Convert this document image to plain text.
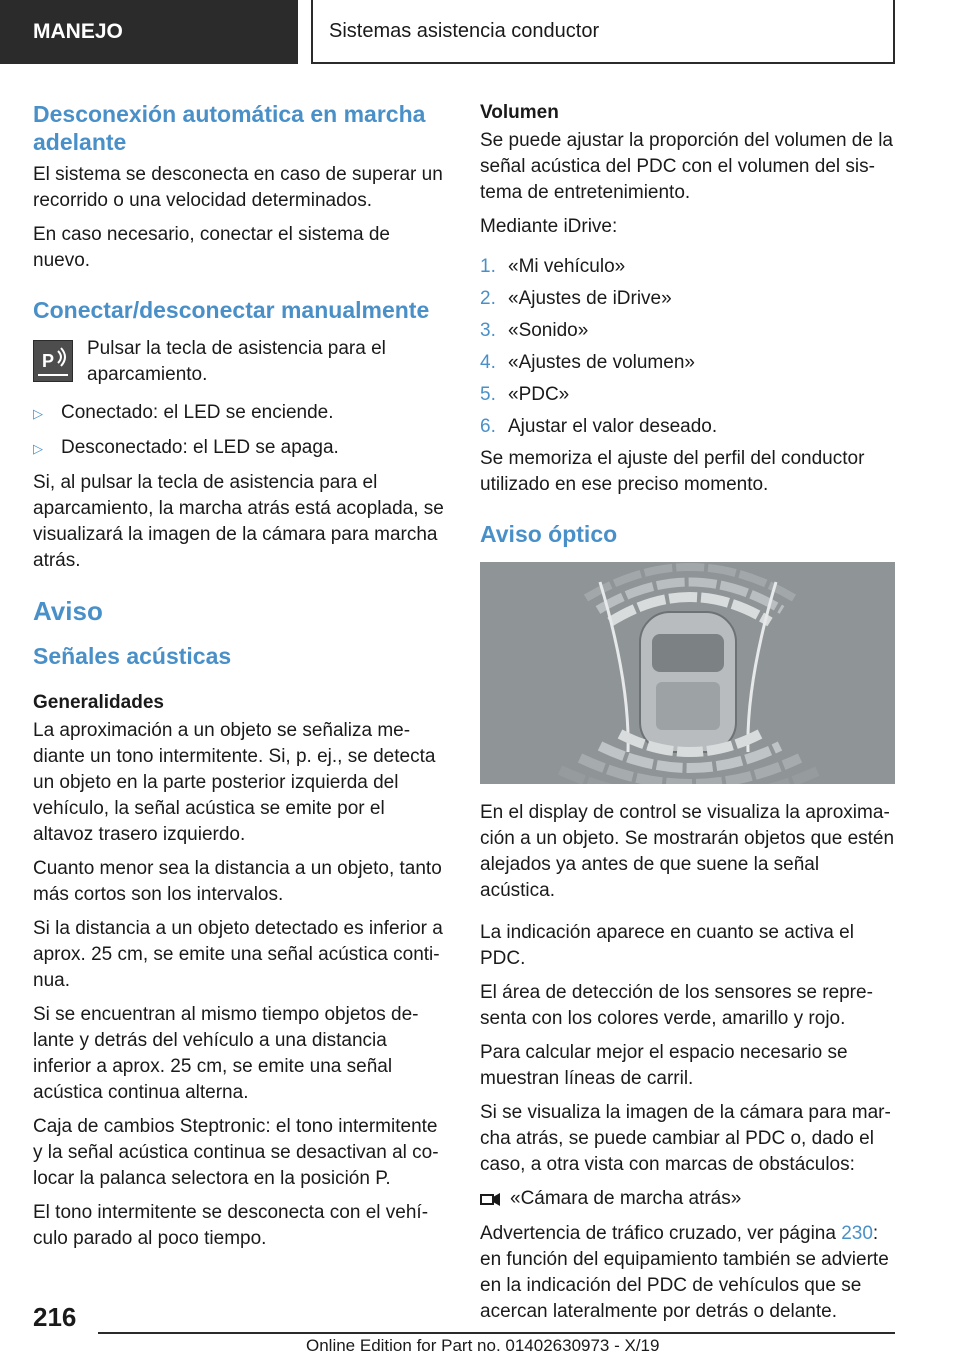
MANEJO	Sistemas asistencia conductor
Desconexión automática en marcha adelante

El sistema se desconecta en caso de superar un recorrido o una velocidad determinados.

En caso necesario, conectar el sistema de nuevo.

Conectar/desconectar manualmente
P

Pulsar la tecla de asistencia para el aparcamiento.

▷ Conectado: el LED se enciende.
▷ Desconectado: el LED se apaga.

Si, al pulsar la tecla de asistencia para el aparcamiento, la marcha atrás está acoplada, se visualizará la imagen de la cámara para marcha atrás.

Aviso
Señales acústicas
Generalidades

La aproximación a un objeto se señaliza mediante un tono intermitente. Si, p. ej., se detecta un objeto en la parte posterior izquierda del vehículo, la señal acústica se emite por el altavoz trasero izquierdo.

Cuanto menor sea la distancia a un objeto, tanto más cortos son los intervalos.

Si la distancia a un objeto detectado es inferior a aprox. 25 cm, se emite una señal acústica continua.

Si se encuentran al mismo tiempo objetos delante y detrás del vehículo a una distancia inferior a aprox. 25 cm, se emite una señal acústica continua alterna.

Caja de cambios Steptronic: el tono intermitente y la señal acústica continua se desactivan al colocar la palanca selectora en la posición P.

El tono intermitente se desconecta con el vehículo parado al poco tiempo.

Volumen

Se puede ajustar la proporción del volumen de la señal acústica del PDC con el volumen del sistema de entretenimiento.

Mediante iDrive:

1. «Mi vehículo»
2. «Ajustes de iDrive»
3. «Sonido»
4. «Ajustes de volumen»
5. «PDC»
6. Ajustar el valor deseado.

Se memoriza el ajuste del perfil del conductor utilizado en ese preciso momento.

Aviso óptico

En el display de control se visualiza la aproximación a un objeto. Se mostrarán objetos que estén alejados ya antes de que suene la señal acústica.

La indicación aparece en cuanto se activa el PDC.

El área de detección de los sensores se representa con los colores verde, amarillo y rojo.

Para calcular mejor el espacio necesario se muestran líneas de carril.

Si se visualiza la imagen de la cámara para marcha atrás, se puede cambiar al PDC o, dado el caso, a otra vista con marcas de obstáculos:

«Cámara de marcha atrás»

Advertencia de tráfico cruzado, ver página 230: en función del equipamiento también se advierte en la indicación del PDC de vehículos que se acercan lateralmente por detrás o delante.

216
Online Edition for Part no. 01402630973 - X/19
